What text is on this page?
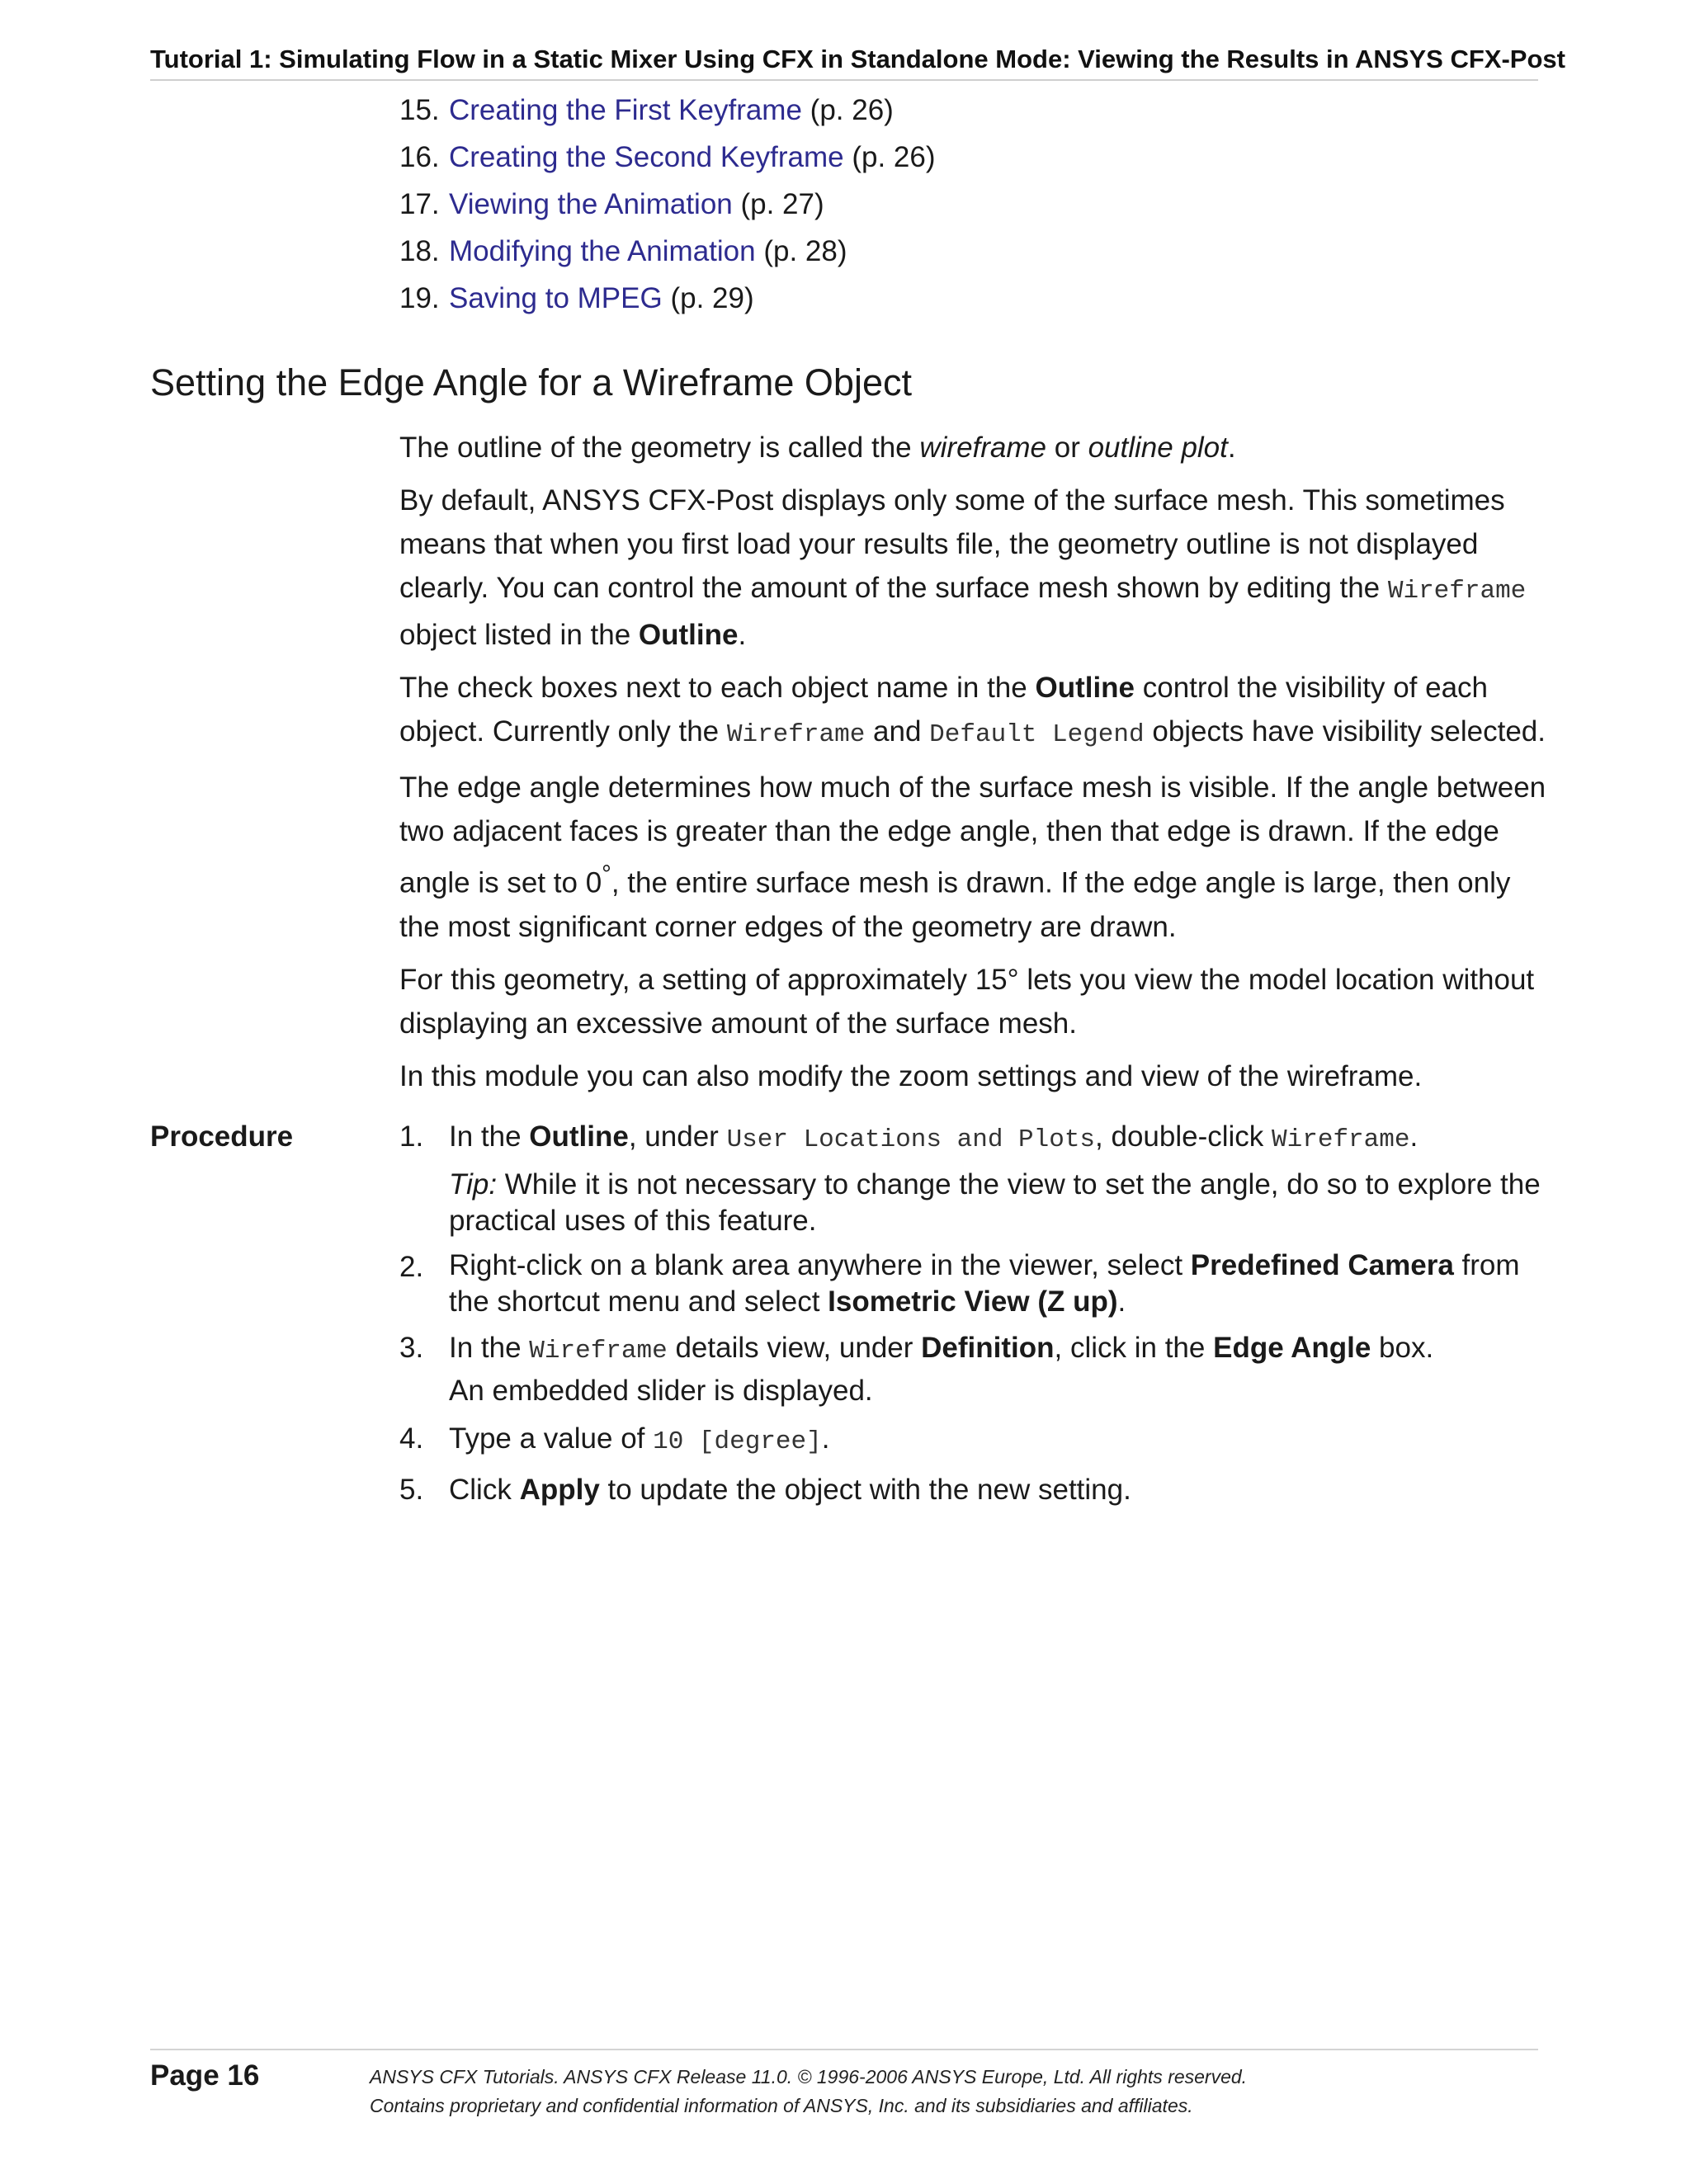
Tutorial 1: Simulating Flow in a Static Mixer Using CFX in Standalone Mode: Viewing the Results in ANSYS CFX-Post
15. Creating the First Keyframe (p. 26)
16. Creating the Second Keyframe (p. 26)
17. Viewing the Animation (p. 27)
18. Modifying the Animation (p. 28)
19. Saving to MPEG (p. 29)
Setting the Edge Angle for a Wireframe Object

The outline of the geometry is called the wireframe or outline plot.

By default, ANSYS CFX-Post displays only some of the surface mesh. This sometimes means that when you first load your results file, the geometry outline is not displayed clearly. You can control the amount of the surface mesh shown by editing the Wireframe object listed in the Outline.

The check boxes next to each object name in the Outline control the visibility of each object. Currently only the Wireframe and Default Legend objects have visibility selected.

The edge angle determines how much of the surface mesh is visible. If the angle between two adjacent faces is greater than the edge angle, then that edge is drawn. If the edge angle is set to 0°, the entire surface mesh is drawn. If the edge angle is large, then only the most significant corner edges of the geometry are drawn.

For this geometry, a setting of approximately 15° lets you view the model location without displaying an excessive amount of the surface mesh.

In this module you can also modify the zoom settings and view of the wireframe.

Procedure	1. In the Outline, under User Locations and Plots, double-click Wireframe.
Tip: While it is not necessary to change the view to set the angle, do so to explore the practical uses of this feature.
2. Right-click on a blank area anywhere in the viewer, select Predefined Camera from the shortcut menu and select Isometric View (Z up).
3. In the Wireframe details view, under Definition, click in the Edge Angle box.
An embedded slider is displayed.
4. Type a value of 10 [degree].
5. Click Apply to update the object with the new setting.
Page 16	ANSYS CFX Tutorials. ANSYS CFX Release 11.0. © 1996-2006 ANSYS Europe, Ltd. All rights reserved.
Contains proprietary and confidential information of ANSYS, Inc. and its subsidiaries and affiliates.
